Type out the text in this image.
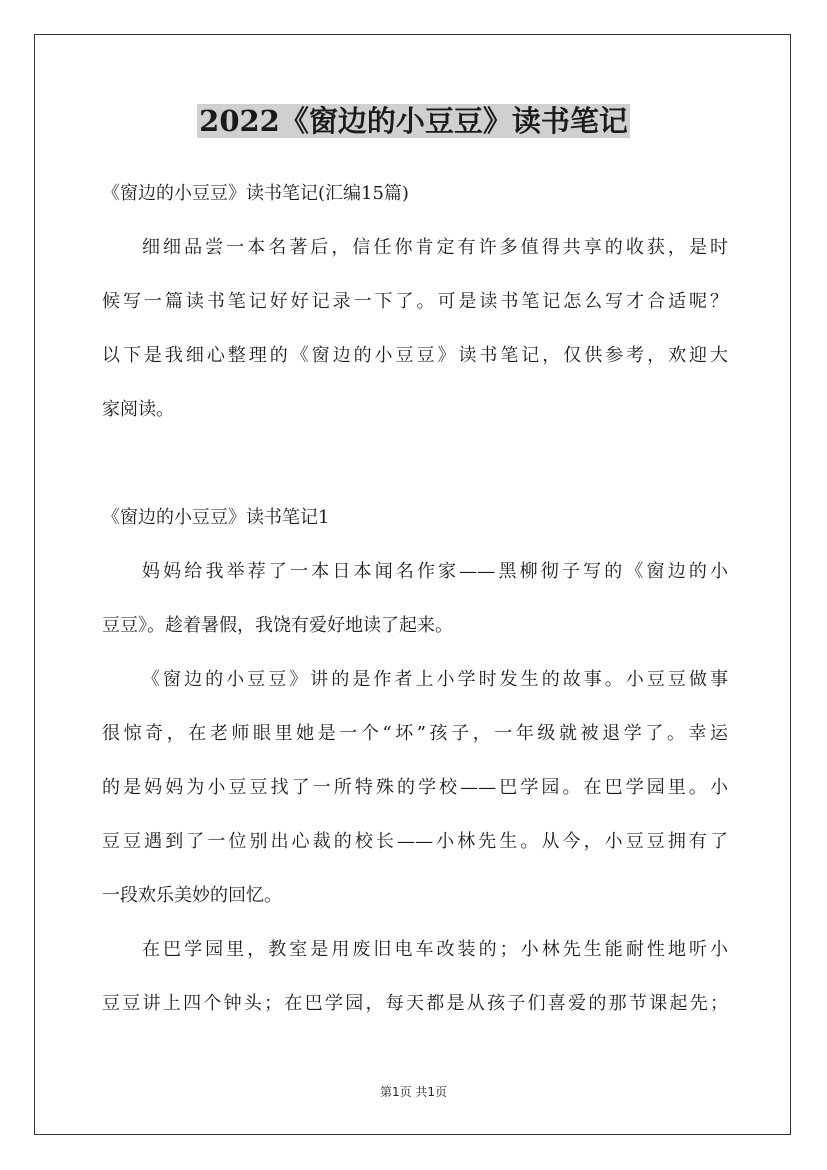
2022《窗边的小豆豆》读书笔记
《窗边的小豆豆》读书笔记(汇编15篇)
细细品尝一本名著后，信任你肯定有许多值得共享的收获，是时
候写一篇读书笔记好好记录一下了。可是读书笔记怎么写才合适呢？
以下是我细心整理的《窗边的小豆豆》读书笔记，仅供参考，欢迎大
家阅读。
《窗边的小豆豆》读书笔记1
妈妈给我举荐了一本日本闻名作家——黑柳彻子写的《窗边的小
豆豆》。趁着暑假，我饶有爱好地读了起来。
《窗边的小豆豆》讲的是作者上小学时发生的故事。小豆豆做事
很惊奇，在老师眼里她是一个“坏”孩子，一年级就被退学了。幸运
的是妈妈为小豆豆找了一所特殊的学校——巴学园。在巴学园里。小
豆豆遇到了一位别出心裁的校长——小林先生。从今，小豆豆拥有了
一段欢乐美妙的回忆。
在巴学园里，教室是用废旧电车改装的；小林先生能耐性地听小
豆豆讲上四个钟头；在巴学园，每天都是从孩子们喜爱的那节课起先；
第1页 共1页
